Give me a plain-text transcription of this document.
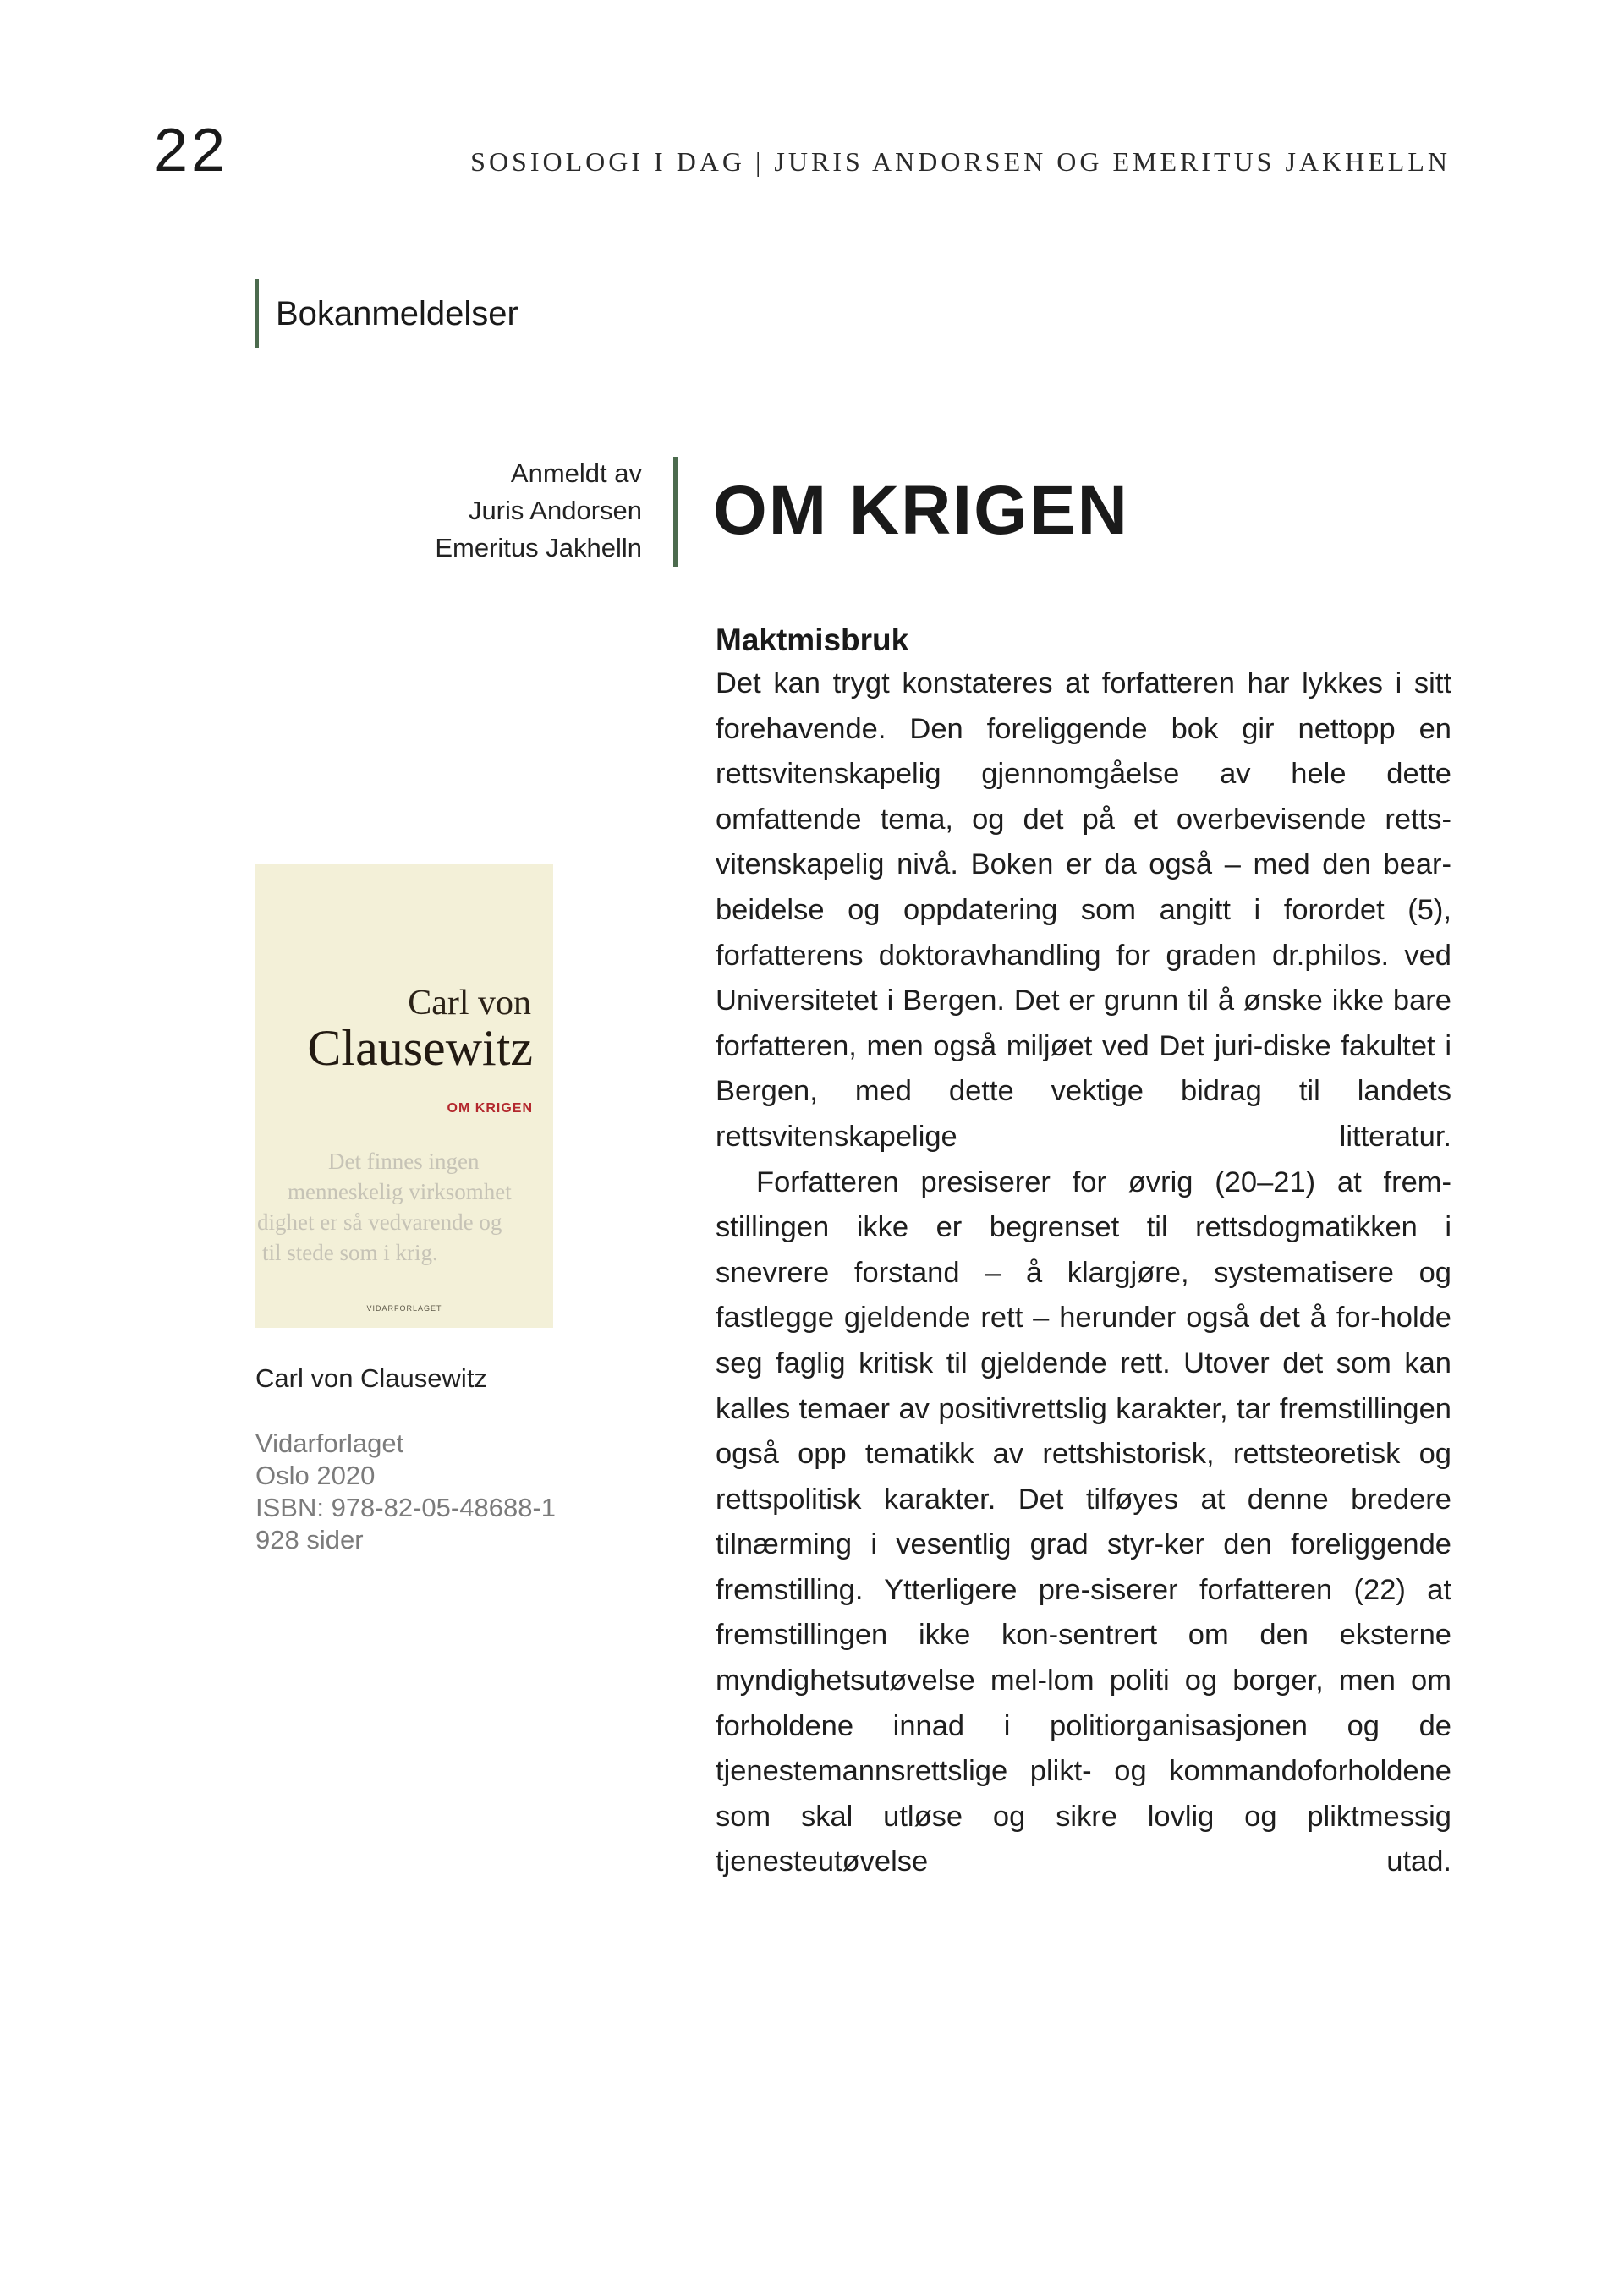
22	SOSIOLOGI I DAG | JURIS ANDORSEN OG EMERITUS JAKHELLN
Bokanmeldelser
Anmeldt av
Juris Andorsen
Emeritus Jakhelln OM KRIGEN
Carl von
Clausewitz
OM KRIGEN
Det finnes ingen
menneskelig virksomhet
dighet er så vedvarende og
til stede som i krig.
VIDARFORLAGET
Carl von Clausewitz
Vidarforlaget
Oslo 2020
ISBN: 978-82-05-48688-1
928 sider
Maktmisbruk

Det kan trygt konstateres at forfatteren har lykkes i sitt forehavende. Den foreliggende bok gir nettopp en rettsvitenskapelig gjennomgåelse av hele dette omfattende tema, og det på et overbevisende retts-vitenskapelig nivå. Boken er da også – med den bear-beidelse og oppdatering som angitt i forordet (5), forfatterens doktoravhandling for graden dr.philos. ved Universitetet i Bergen. Det er grunn til å ønske ikke bare forfatteren, men også miljøet ved Det juri-diske fakultet i Bergen, med dette vektige bidrag til landets rettsvitenskapelige litteratur.

Forfatteren presiserer for øvrig (20–21) at frem-stillingen ikke er begrenset til rettsdogmatikken i snevrere forstand – å klargjøre, systematisere og fastlegge gjeldende rett – herunder også det å for-holde seg faglig kritisk til gjeldende rett. Utover det som kan kalles temaer av positivrettslig karakter, tar fremstillingen også opp tematikk av rettshistorisk, rettsteoretisk og rettspolitisk karakter. Det tilføyes at denne bredere tilnærming i vesentlig grad styr-ker den foreliggende fremstilling. Ytterligere pre-siserer forfatteren (22) at fremstillingen ikke kon-sentrert om den eksterne myndighetsutøvelse mel-lom politi og borger, men om forholdene innad i politiorganisasjonen og de tjenestemannsrettslige plikt- og kommandoforholdene som skal utløse og sikre lovlig og pliktmessig tjenesteutøvelse utad.
